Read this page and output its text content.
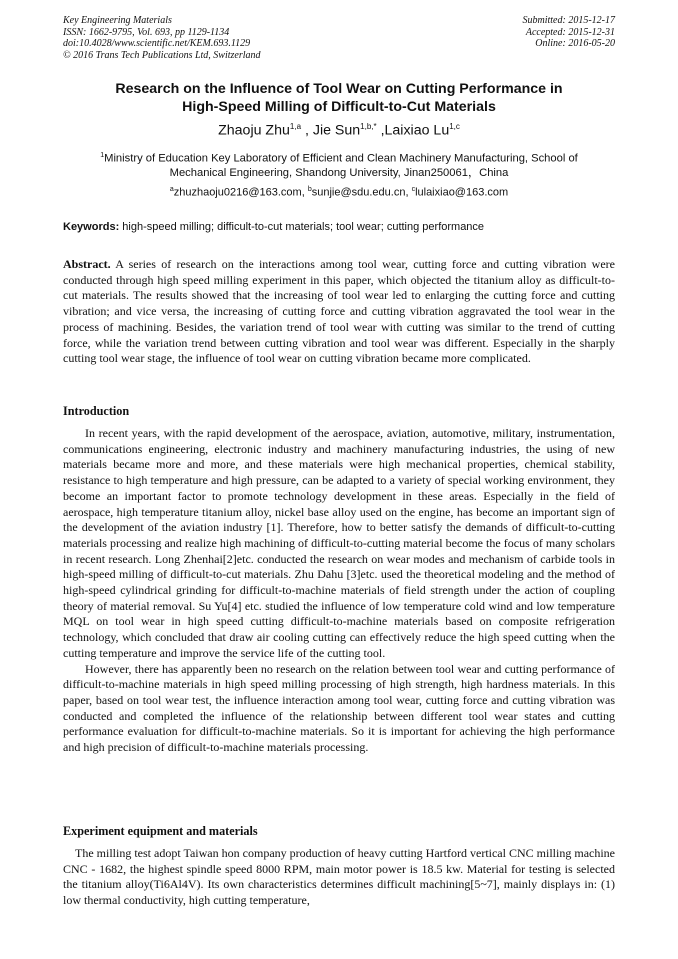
Key Engineering Materials
ISSN: 1662-9795, Vol. 693, pp 1129-1134
doi:10.4028/www.scientific.net/KEM.693.1129
© 2016 Trans Tech Publications Ltd, Switzerland
Submitted: 2015-12-17
Accepted: 2015-12-31
Online: 2016-05-20
Research on the Influence of Tool Wear on Cutting Performance in
High-Speed Milling of Difficult-to-Cut Materials
Zhaoju Zhu$^{1,a}$ , Jie Sun$^{1,b,*}$ ,Laixiao Lu$^{1,c}$
$^1$Ministry of Education Key Laboratory of Efficient and Clean Machinery Manufacturing, School of
Mechanical Engineering, Shandong University, Jinan250061，China
$^a$zhuzhaoju0216@163.com, $^b$sunjie@sdu.edu.cn, $^c$lulaixiao@163.com
Keywords: high-speed milling; difficult-to-cut materials; tool wear; cutting performance

Abstract. A series of research on the interactions among tool wear, cutting force and cutting vibration were conducted through high speed milling experiment in this paper, which objected the titanium alloy as difficult-to-cut materials. The results showed that the increasing of tool wear led to enlarging the cutting force and cutting vibration; and vice versa, the increasing of cutting force and cutting vibration aggravated the tool wear in the process of machining. Besides, the variation trend of tool wear with cutting was similar to the trend of cutting force, while the variation trend between cutting vibration and tool wear was different. Especially in the sharply cutting tool wear stage, the influence of tool wear on cutting vibration became more complicated.

Introduction

In recent years, with the rapid development of the aerospace, aviation, automotive, military, instrumentation, communications engineering, electronic industry and machinery manufacturing industries, the using of new materials became more and more, and these materials were high mechanical properties, chemical stability, resistance to high temperature and high pressure, can be adapted to a variety of special working environment, they become an important factor to promote technology development in these areas. Especially in the field of aerospace, high temperature titanium alloy, nickel base alloy used on the engine, has become an important sign of the development of the aviation industry [1]. Therefore, how to better satisfy the demands of difficult-to-cutting materials processing and realize high machining of difficult-to-cutting material become the focus of many scholars in recent research. Long Zhenhai[2]etc. conducted the research on wear modes and mechanism of carbide tools in high-speed milling of difficult-to-cut materials. Zhu Dahu [3]etc. used the theoretical modeling and the method of high-speed cylindrical grinding for difficult-to-machine materials of field strength under the action of coupling theory of material removal. Su Yu[4] etc. studied the influence of low temperature cold wind and low temperature MQL on tool wear in high speed cutting difficult-to-machine materials based on composite refrigeration technology, which concluded that draw air cooling cutting can effectively reduce the high speed cutting when the cutting temperature and improve the service life of the cutting tool.

However, there has apparently been no research on the relation between tool wear and cutting performance of difficult-to-machine materials in high speed milling processing of high strength, high hardness materials. In this paper, based on tool wear test, the influence interaction among tool wear, cutting force and cutting vibration was conducted and completed the influence of the relationship between different tool wear states and cutting performance evaluation for difficult-to-machine materials. So it is important for achieving the high performance and high precision of difficult-to-machine materials processing.

Experiment equipment and materials

The milling test adopt Taiwan hon company production of heavy cutting Hartford vertical CNC milling machine CNC - 1682, the highest spindle speed 8000 RPM, main motor power is 18.5 kw. Material for testing is selected the titanium alloy(Ti6Al4V). Its own characteristics determines difficult machining[5~7], mainly displays in: (1) low thermal conductivity, high cutting temperature,
